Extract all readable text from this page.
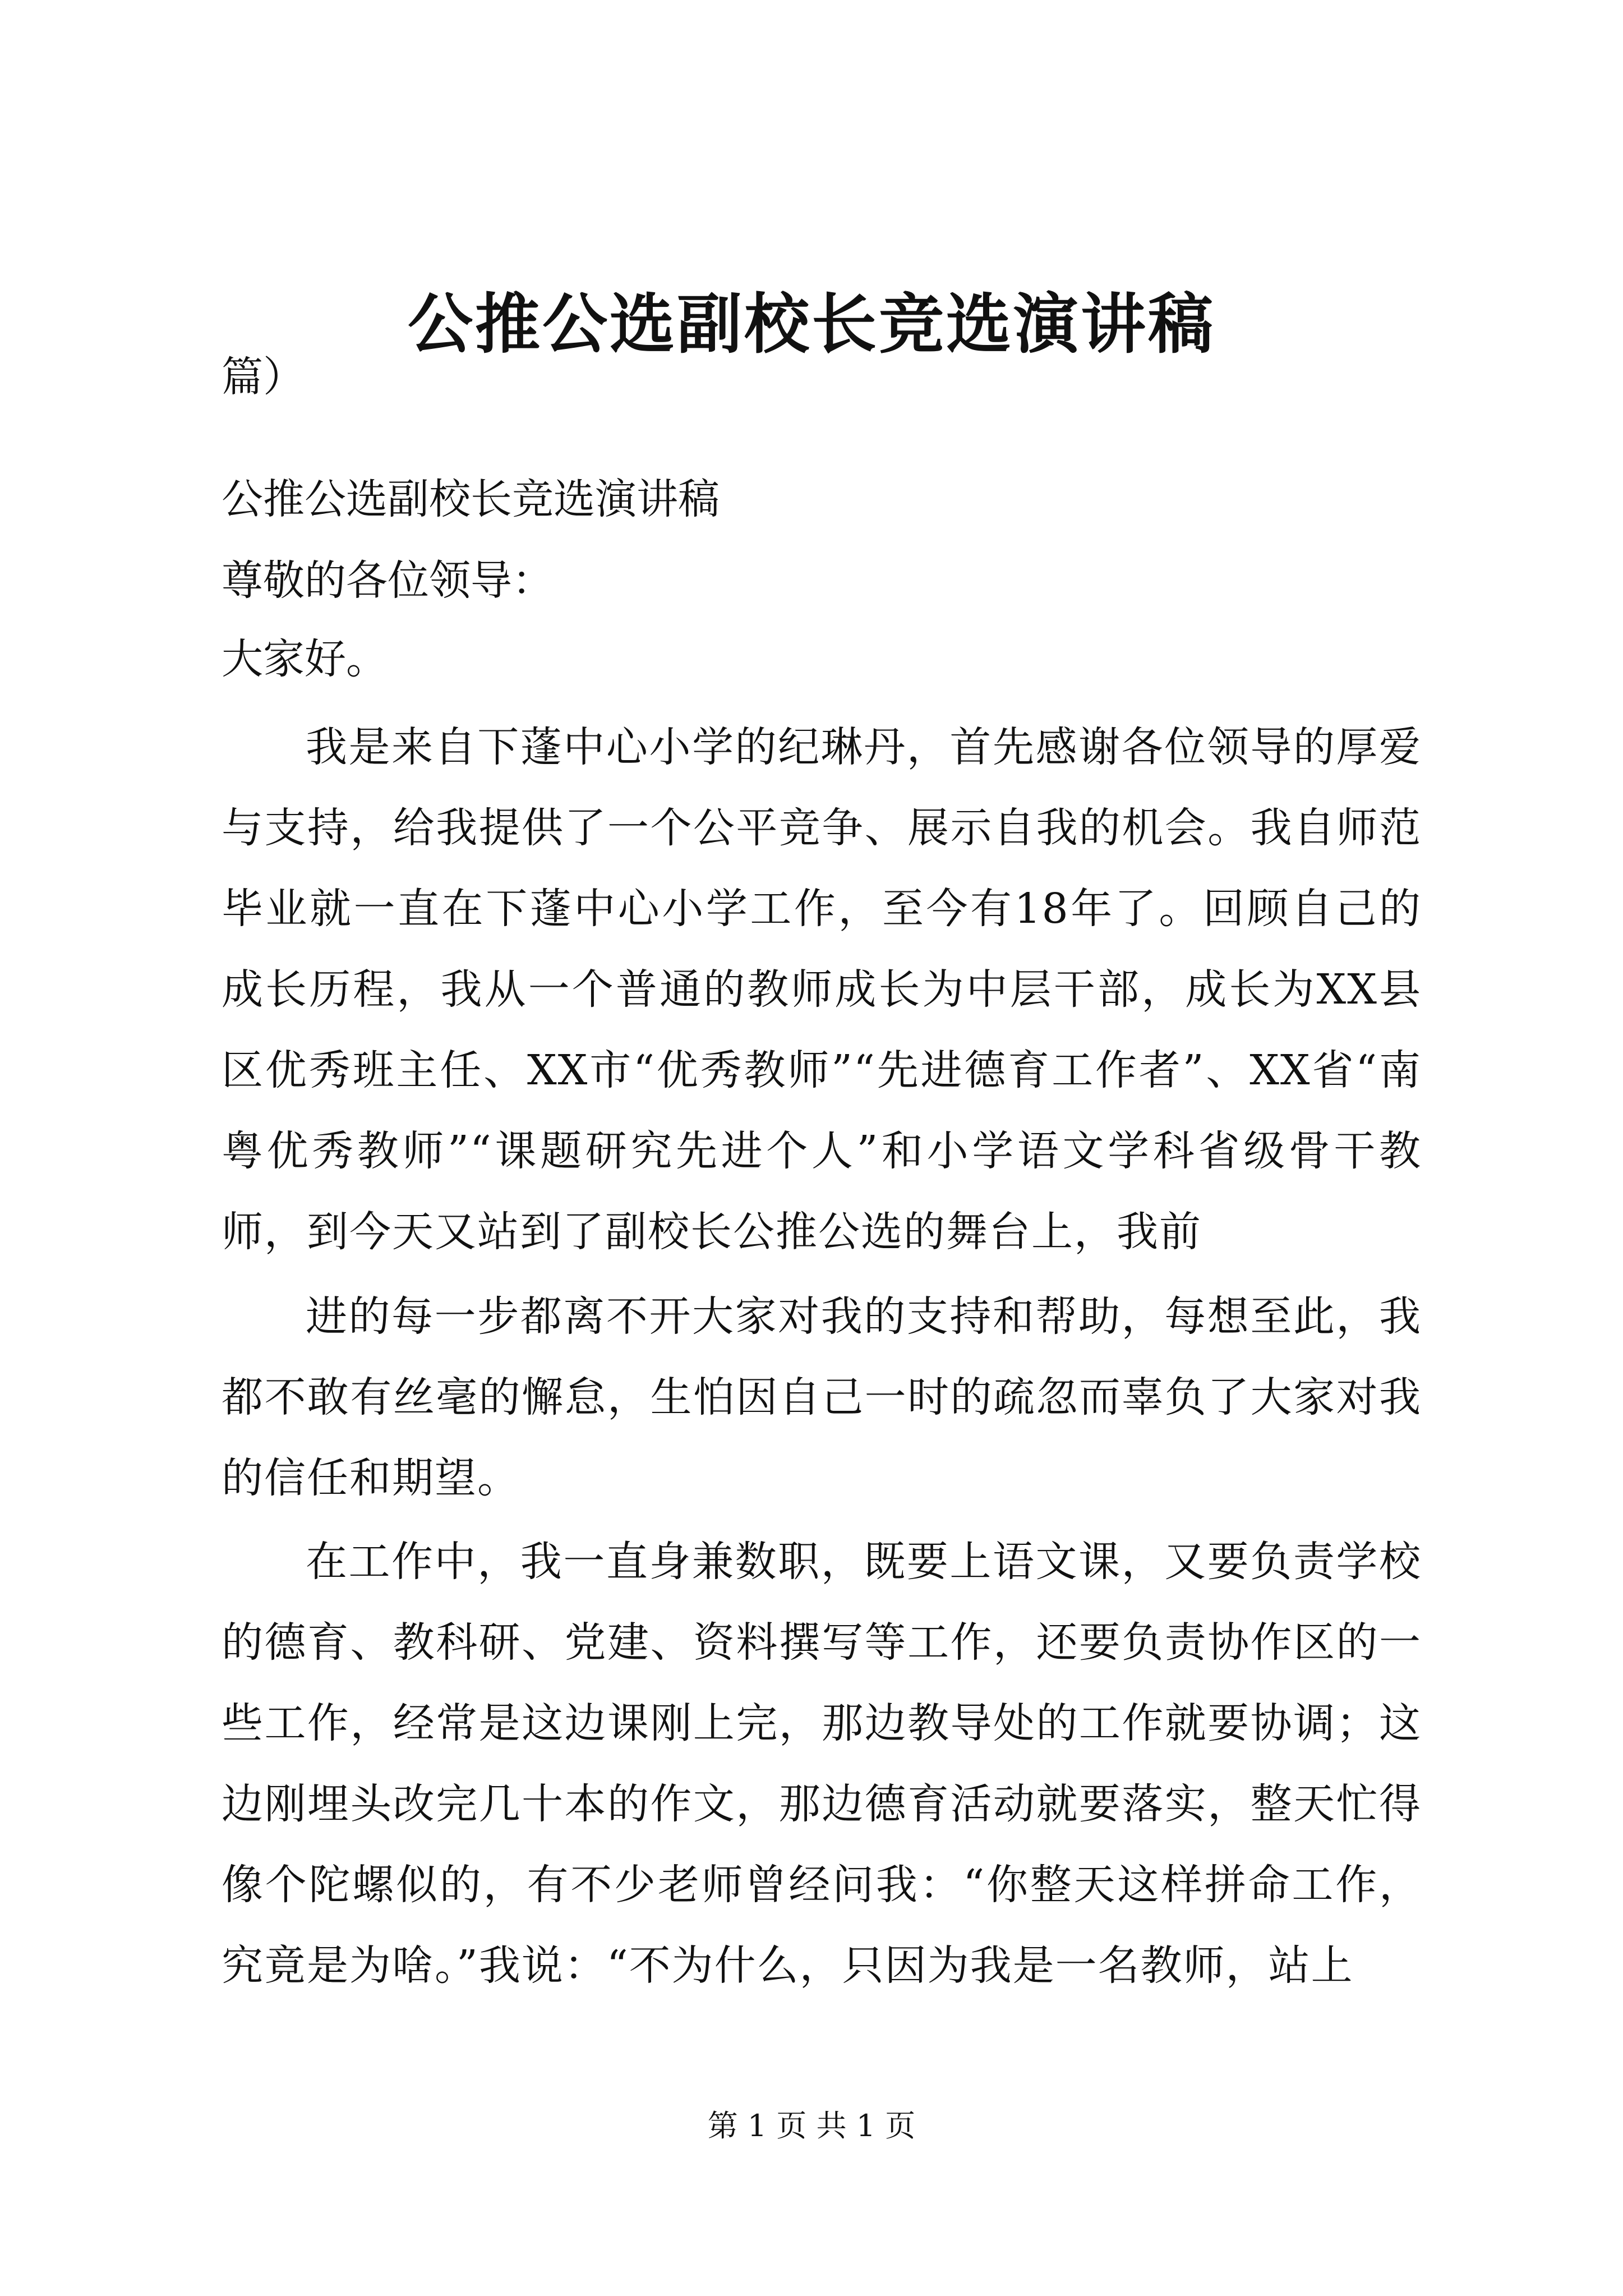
公推公选副校长竞选演讲稿

篇）

公推公选副校长竞选演讲稿

尊敬的各位领导：

大家好。

我是来自下蓬中心小学的纪琳丹，首先感谢各位领导的厚爱与支持，给我提供了一个公平竞争、展示自我的机会。我自师范毕业就一直在下蓬中心小学工作，至今有18年了。回顾自己的成长历程，我从一个普通的教师成长为中层干部，成长为XX县区优秀班主任、XX市“优秀教师”“先进德育工作者”、XX省“南粤优秀教师”“课题研究先进个人”和小学语文学科省级骨干教师，到今天又站到了副校长公推公选的舞台上，我前

进的每一步都离不开大家对我的支持和帮助，每想至此，我都不敢有丝毫的懈怠，生怕因自己一时的疏忽而辜负了大家对我的信任和期望。

在工作中，我一直身兼数职，既要上语文课，又要负责学校的德育、教科研、党建、资料撰写等工作，还要负责协作区的一些工作，经常是这边课刚上完，那边教导处的工作就要协调；这边刚埋头改完几十本的作文，那边德育活动就要落实，整天忙得像个陀螺似的，有不少老师曾经问我：“你整天这样拼命工作，究竟是为啥。”我说：“不为什么，只因为我是一名教师，站上

第 1 页 共 1 页
